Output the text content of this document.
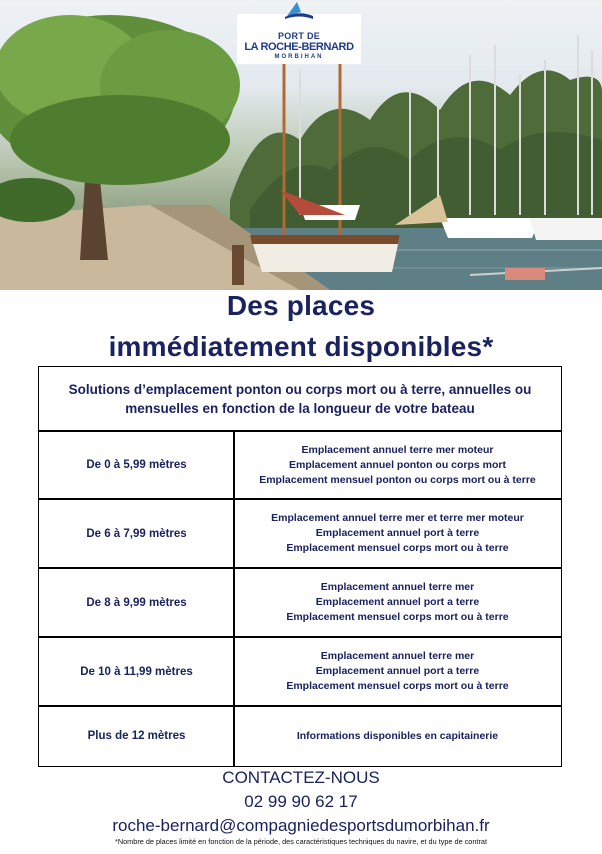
PORT DE
LA ROCHE-BERNARD
MORBIHAN
Des places
immédiatement disponibles*
Solutions d’emplacement ponton ou corps mort ou à terre, annuelles ou mensuelles en fonction de la longueur de votre bateau
De 0 à 5,99 mètres
Emplacement annuel terre mer moteur
Emplacement annuel ponton ou corps mort
Emplacement mensuel ponton ou corps mort ou à terre
De 6 à 7,99 mètres
Emplacement annuel terre mer et terre mer moteur
Emplacement annuel port à terre
Emplacement mensuel corps mort ou à terre
De 8 à 9,99 mètres
Emplacement annuel terre mer
Emplacement annuel port a terre
Emplacement mensuel corps mort ou à terre
De 10 à 11,99 mètres
Emplacement annuel terre mer
Emplacement annuel port a terre
Emplacement mensuel corps mort ou à terre
Plus de 12 mètres	Informations disponibles en capitainerie
CONTACTEZ-NOUS
02 99 90 62 17
roche-bernard@compagniedesportsdumorbihan.fr
*Nombre de places limité en fonction de la période, des caractéristiques techniques du navire, et du type de contrat
